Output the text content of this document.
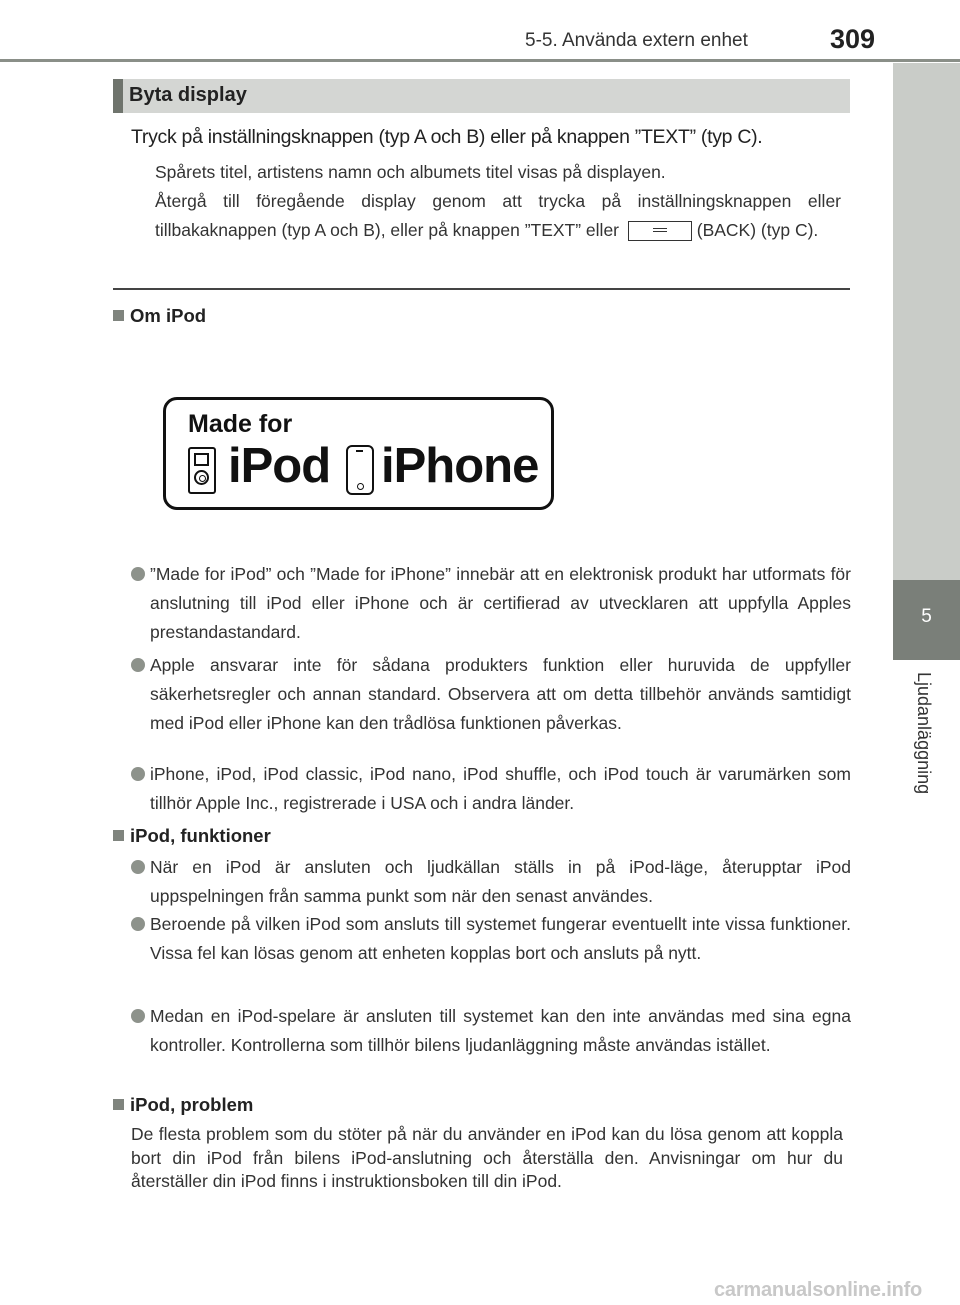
5-5. Använda extern enhet	309
5
Ljudanläggning
Byta display
Tryck på inställningsknappen (typ A och B) eller på knappen ”TEXT” (typ C).
Spårets titel, artistens namn och albumets titel visas på displayen.
Återgå till föregående display genom att trycka på inställningsknappen eller tillbakaknappen (typ A och B), eller på knappen ”TEXT” eller	(BACK) (typ C).
Om iPod
Made for
iPod iPhone
”Made for iPod” och ”Made for iPhone” innebär att en elektronisk produkt har utformats för anslutning till iPod eller iPhone och är certifierad av utvecklaren att uppfylla Apples prestandastandard.
Apple ansvarar inte för sådana produkters funktion eller huruvida de uppfyller säkerhetsregler och annan standard. Observera att om detta tillbehör används samtidigt med iPod eller iPhone kan den trådlösa funktionen påverkas.
iPhone, iPod, iPod classic, iPod nano, iPod shuffle, och iPod touch är varumärken som tillhör Apple Inc., registrerade i USA och i andra länder.
iPod, funktioner
När en iPod är ansluten och ljudkällan ställs in på iPod-läge, återupptar iPod uppspelningen från samma punkt som när den senast användes.
Beroende på vilken iPod som ansluts till systemet fungerar eventuellt inte vissa funktioner. Vissa fel kan lösas genom att enheten kopplas bort och ansluts på nytt.
Medan en iPod-spelare är ansluten till systemet kan den inte användas med sina egna kontroller. Kontrollerna som tillhör bilens ljudanläggning måste användas istället.
iPod, problem
De flesta problem som du stöter på när du använder en iPod kan du lösa genom att koppla bort din iPod från bilens iPod-anslutning och återställa den. Anvisningar om hur du återställer din iPod finns i instruktionsboken till din iPod.
carmanualsonline.info
